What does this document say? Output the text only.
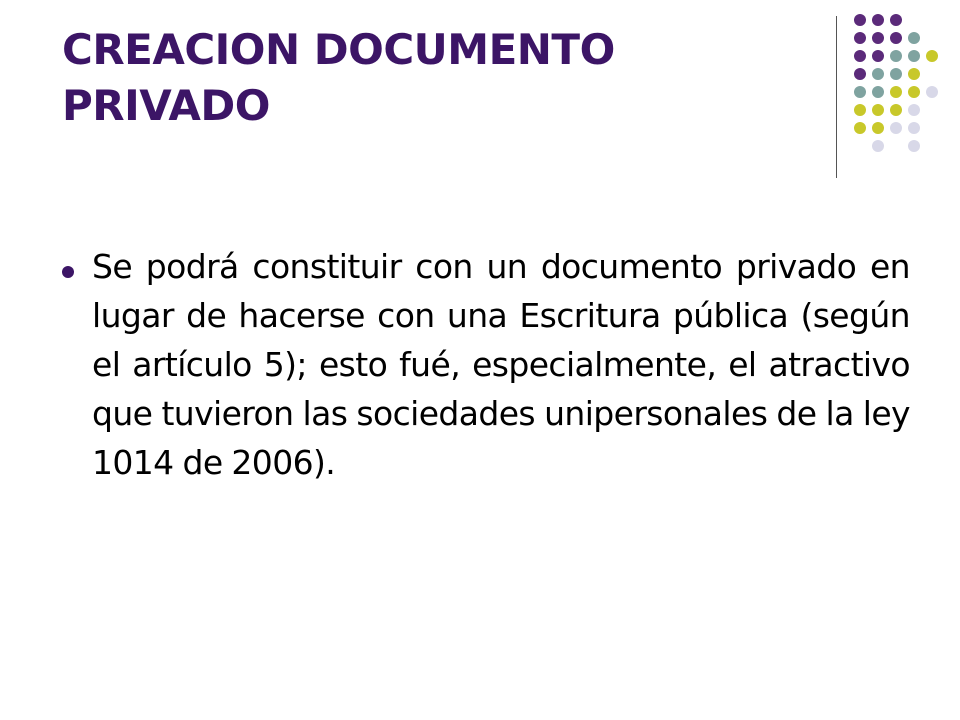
CREACION DOCUMENTO PRIVADO

Se podrá constituir con un documento privado en lugar de hacerse con una Escritura pública (según el artículo 5); esto fué, especialmente, el atractivo que tuvieron las sociedades unipersonales de la ley 1014 de 2006).
